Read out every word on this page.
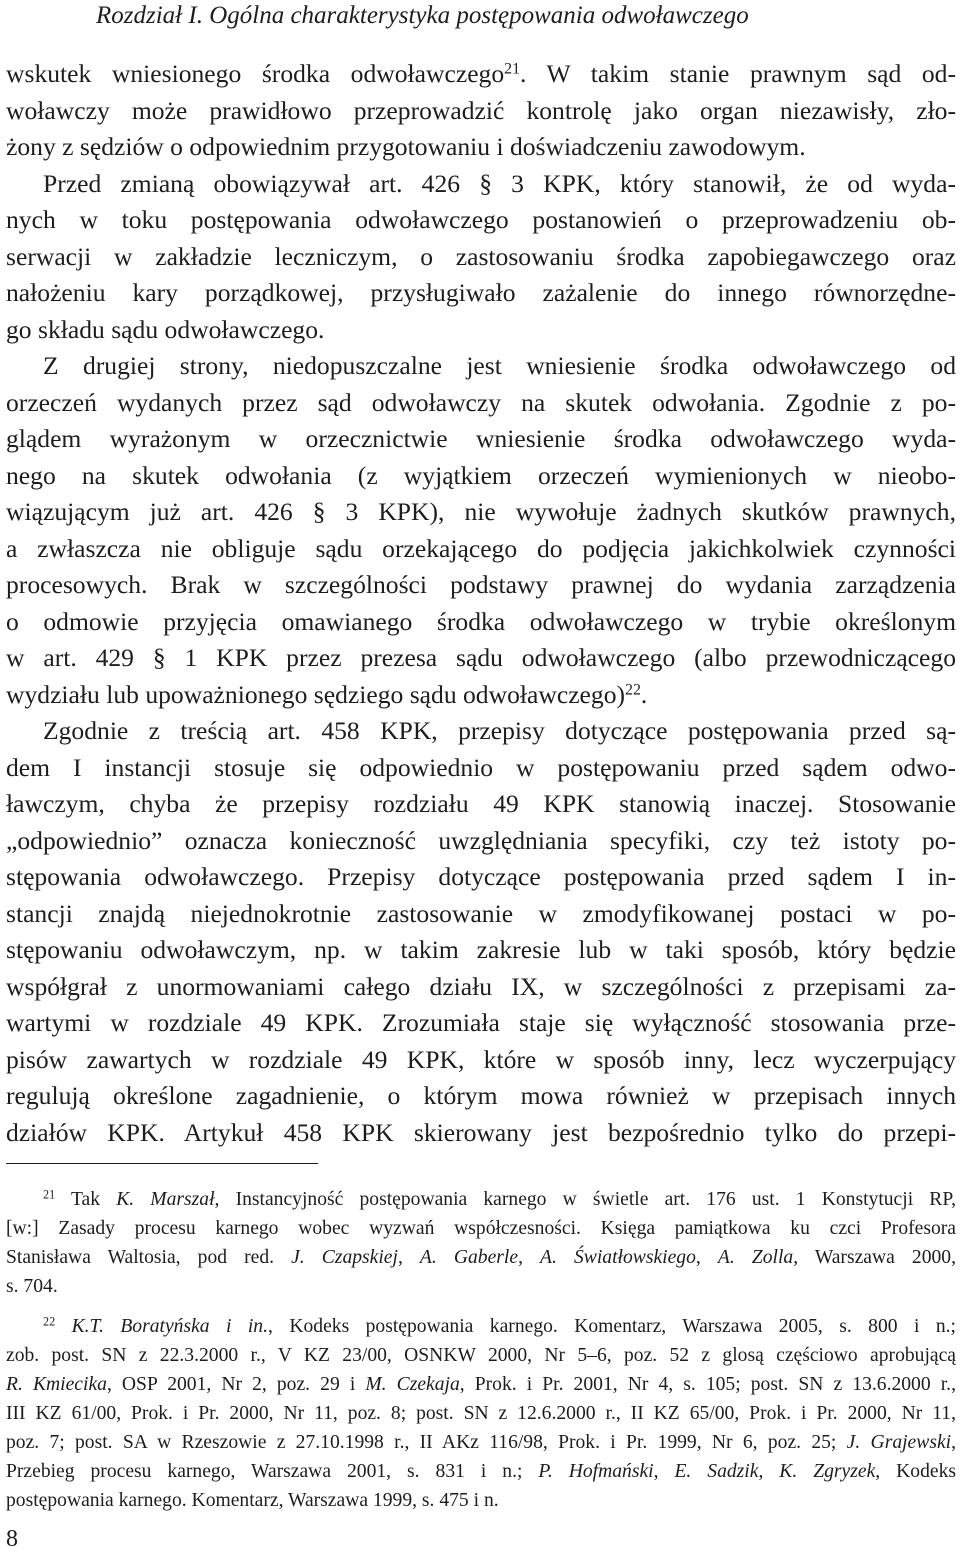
Rozdział I. Ogólna charakterystyka postępowania odwoławczego
wskutek wniesionego środka odwoławczego$^{21}$. W takim stanie prawnym sąd od-
woławczy może prawidłowo przeprowadzić kontrolę jako organ niezawisły, zło-
żony z sędziów o odpowiednim przygotowaniu i doświadczeniu zawodowym.
Przed zmianą obowiązywał art. 426 § 3 KPK, który stanowił, że od wyda-
nych w toku postępowania odwoławczego postanowień o przeprowadzeniu ob-
serwacji w zakładzie leczniczym, o zastosowaniu środka zapobiegawczego oraz
nałożeniu kary porządkowej, przysługiwało zażalenie do innego równorzędne-
go składu sądu odwoławczego.
Z drugiej strony, niedopuszczalne jest wniesienie środka odwoławczego od
orzeczeń wydanych przez sąd odwoławczy na skutek odwołania. Zgodnie z po-
glądem wyrażonym w orzecznictwie wniesienie środka odwoławczego wyda-
nego na skutek odwołania (z wyjątkiem orzeczeń wymienionych w nieobo-
wiązującym już art. 426 § 3 KPK), nie wywołuje żadnych skutków prawnych,
a zwłaszcza nie obliguje sądu orzekającego do podjęcia jakichkolwiek czynności
procesowych. Brak w szczególności podstawy prawnej do wydania zarządzenia
o odmowie przyjęcia omawianego środka odwoławczego w trybie określonym
w art. 429 § 1 KPK przez prezesa sądu odwoławczego (albo przewodniczącego
wydziału lub upoważnionego sędziego sądu odwoławczego)$^{22}$.
Zgodnie z treścią art. 458 KPK, przepisy dotyczące postępowania przed są-
dem I instancji stosuje się odpowiednio w postępowaniu przed sądem odwo-
ławczym, chyba że przepisy rozdziału 49 KPK stanowią inaczej. Stosowanie
„odpowiednio” oznacza konieczność uwzględniania specyfiki, czy też istoty po-
stępowania odwoławczego. Przepisy dotyczące postępowania przed sądem I in-
stancji znajdą niejednokrotnie zastosowanie w zmodyfikowanej postaci w po-
stępowaniu odwoławczym, np. w takim zakresie lub w taki sposób, który będzie
współgrał z unormowaniami całego działu IX, w szczególności z przepisami za-
wartymi w rozdziale 49 KPK. Zrozumiała staje się wyłączność stosowania prze-
pisów zawartych w rozdziale 49 KPK, które w sposób inny, lecz wyczerpujący
regulują określone zagadnienie, o którym mowa również w przepisach innych
działów KPK. Artykuł 458 KPK skierowany jest bezpośrednio tylko do przepi-
$^{21}$ Tak K. Marszał, Instancyjność postępowania karnego w świetle art. 176 ust. 1 Konstytucji RP,
[w:] Zasady procesu karnego wobec wyzwań współczesności. Księga pamiątkowa ku czci Profesora
Stanisława Waltosia, pod red. J. Czapskiej, A. Gaberle, A. Światłowskiego, A. Zolla, Warszawa 2000,
s. 704.
$^{22}$ K.T. Boratyńska i in., Kodeks postępowania karnego. Komentarz, Warszawa 2005, s. 800 i n.;
zob. post. SN z 22.3.2000 r., V KZ 23/00, OSNKW 2000, Nr 5–6, poz. 52 z glosą częściowo aprobującą
R. Kmiecika, OSP 2001, Nr 2, poz. 29 i M. Czekaja, Prok. i Pr. 2001, Nr 4, s. 105; post. SN z 13.6.2000 r.,
III KZ 61/00, Prok. i Pr. 2000, Nr 11, poz. 8; post. SN z 12.6.2000 r., II KZ 65/00, Prok. i Pr. 2000, Nr 11,
poz. 7; post. SA w Rzeszowie z 27.10.1998 r., II AKz 116/98, Prok. i Pr. 1999, Nr 6, poz. 25; J. Grajewski,
Przebieg procesu karnego, Warszawa 2001, s. 831 i n.; P. Hofmański, E. Sadzik, K. Zgryzek, Kodeks
postępowania karnego. Komentarz, Warszawa 1999, s. 475 i n.
8
